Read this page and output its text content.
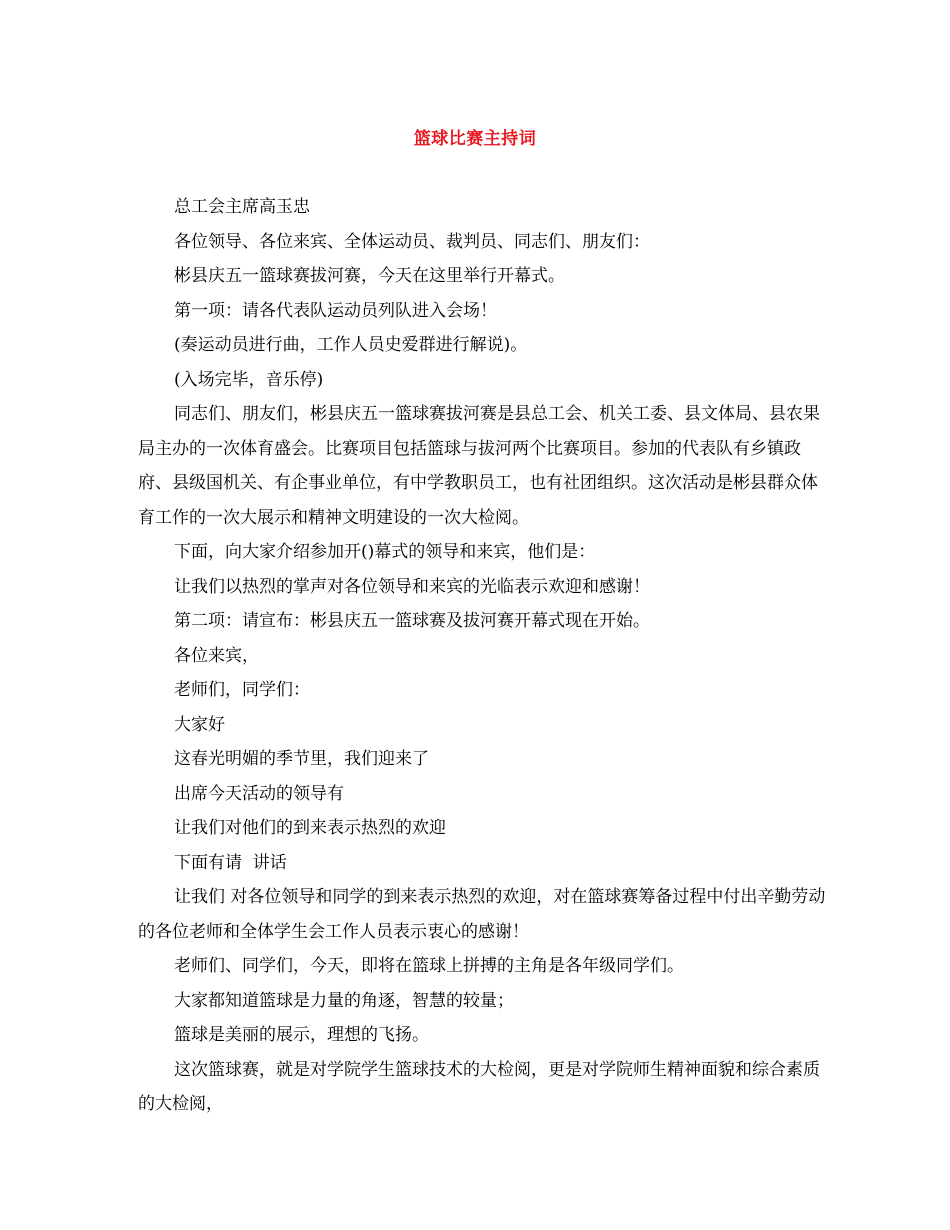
篮球比赛主持词

总工会主席高玉忠

各位领导、各位来宾、全体运动员、裁判员、同志们、朋友们：

彬县庆五一篮球赛拔河赛，今天在这里举行开幕式。

第一项：请各代表队运动员列队进入会场！

(奏运动员进行曲，工作人员史爱群进行解说)。

(入场完毕，音乐停)

同志们、朋友们，彬县庆五一篮球赛拔河赛是县总工会、机关工委、县文体局、县农果局主办的一次体育盛会。比赛项目包括篮球与拔河两个比赛项目。参加的代表队有乡镇政府、县级国机关、有企事业单位，有中学教职员工，也有社团组织。这次活动是彬县群众体育工作的一次大展示和精神文明建设的一次大检阅。

下面，向大家介绍参加开()幕式的领导和来宾，他们是：

让我们以热烈的掌声对各位领导和来宾的光临表示欢迎和感谢！

第二项：请宣布：彬县庆五一篮球赛及拔河赛开幕式现在开始。

各位来宾，

老师们，同学们：

大家好

这春光明媚的季节里，我们迎来了

出席今天活动的领导有

让我们对他们的到来表示热烈的欢迎

下面有请  讲话

让我们 对各位领导和同学的到来表示热烈的欢迎，对在篮球赛筹备过程中付出辛勤劳动的各位老师和全体学生会工作人员表示衷心的感谢！

老师们、同学们，今天，即将在篮球上拼搏的主角是各年级同学们。

大家都知道篮球是力量的角逐，智慧的较量；

篮球是美丽的展示，理想的飞扬。

这次篮球赛，就是对学院学生篮球技术的大检阅，更是对学院师生精神面貌和综合素质的大检阅，
